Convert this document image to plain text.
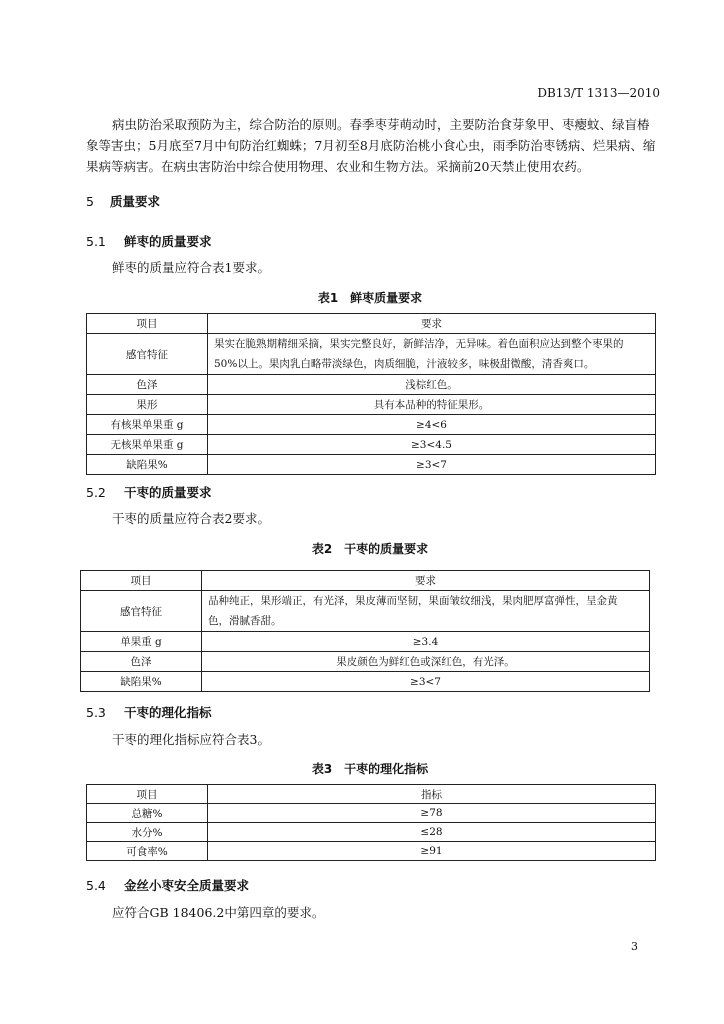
DB13/T 1313—2010
病虫防治采取预防为主，综合防治的原则。春季枣芽萌动时，主要防治食芽象甲、枣瘿蚊、绿盲椿
象等害虫；5月底至7月中旬防治红蜘蛛；7月初至8月底防治桃小食心虫，雨季防治枣锈病、烂果病、缩
果病等病害。在病虫害防治中综合使用物理、农业和生物方法。采摘前20天禁止使用农药。
5 质量要求
5.1 鲜枣的质量要求
鲜枣的质量应符合表1要求。
表1　鲜枣质量要求
项目	要求
感官特征	果实在脆熟期精细采摘，果实完整良好，新鲜洁净，无异味。着色面积应达到整个枣果的
50%以上。果肉乳白略带淡绿色，肉质细脆，汁液较多，味极甜微酸，清香爽口。

色泽	浅棕红色。
果形	具有本品种的特征果形。
有核果单果重 g	≥4<6
无核果单果重 g	≥3<4.5
缺陷果%	≥3<7
5.2 干枣的质量要求
干枣的质量应符合表2要求。
表2　干枣的质量要求
项目	要求
感官特征	品种纯正，果形端正，有光泽，果皮薄而坚韧，果面皱纹细浅，果肉肥厚富弹性，呈金黄
色，滑腻香甜。

单果重 g	≥3.4
色泽	果皮颜色为鲜红色或深红色，有光泽。
缺陷果%	≥3<7
5.3 干枣的理化指标
干枣的理化指标应符合表3。
表3　干枣的理化指标
项目	指标
总糖%	≥78
水分%	≤28
可食率%	≥91
5.4 金丝小枣安全质量要求
应符合GB 18406.2中第四章的要求。
3
